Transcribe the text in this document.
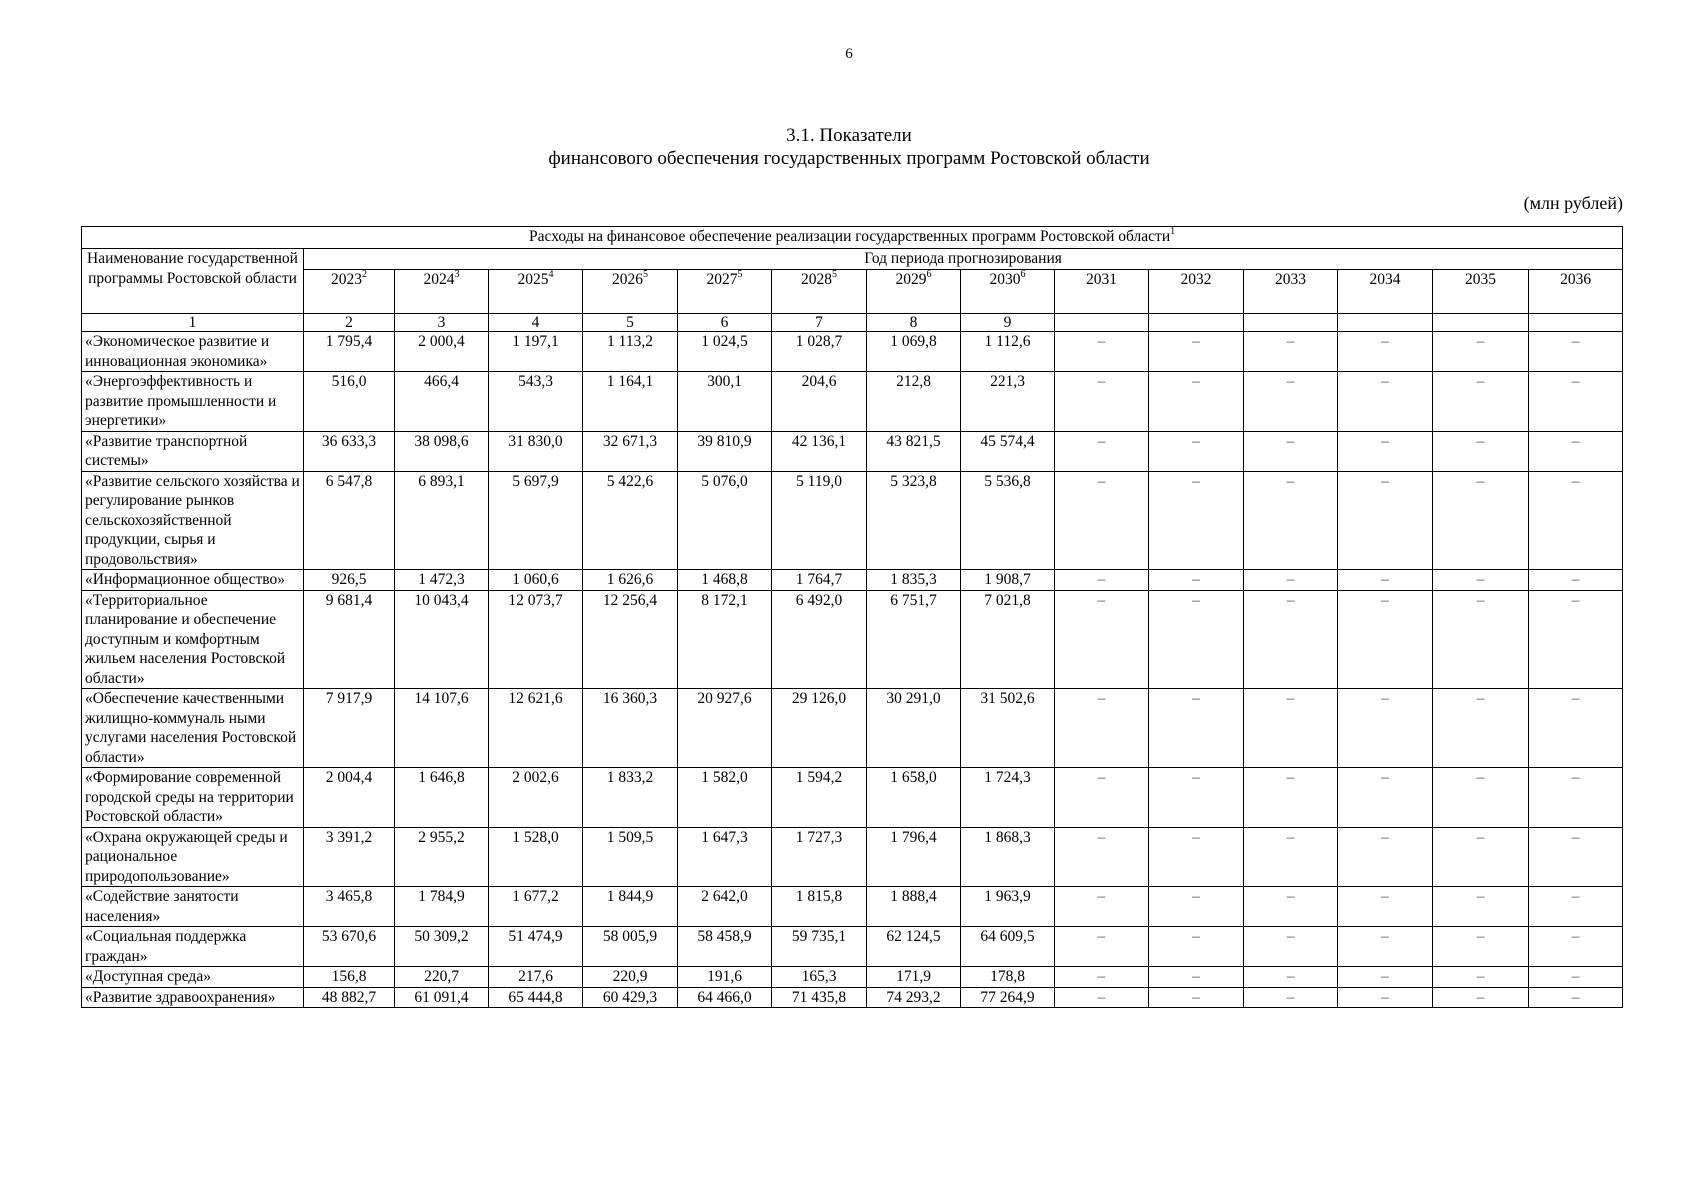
6
3.1. Показатели
финансового обеспечения государственных программ Ростовской области
(млн рублей)
Расходы на финансовое обеспечение реализации государственных программ Ростовской области$^1$
Наименование государственной программы Ростовской области	Год периода прогнозирования													
	2023$^2$	2024$^3$	2025$^4$	2026$^5$	2027$^5$	2028$^5$	2029$^6$	2030$^6$	2031	2032	2033	2034	2035	2036
1	2	3	4	5	6	7	8	9						
«Экономическое развитие и инновационная экономика»	1 795,4	2 000,4	1 197,1	1 113,2	1 024,5	1 028,7	1 069,8	1 112,6	–	–	–	–	–	–
«Энергоэффективность и развитие промышленности и энергетики»	516,0	466,4	543,3	1 164,1	300,1	204,6	212,8	221,3	–	–	–	–	–	–
«Развитие транспортной системы»	36 633,3	38 098,6	31 830,0	32 671,3	39 810,9	42 136,1	43 821,5	45 574,4	–	–	–	–	–	–
«Развитие сельского хозяйства и регулирование рынков сельскохозяйственной продукции, сырья и продовольствия»	6 547,8	6 893,1	5 697,9	5 422,6	5 076,0	5 119,0	5 323,8	5 536,8	–	–	–	–	–	–
«Информационное общество»	926,5	1 472,3	1 060,6	1 626,6	1 468,8	1 764,7	1 835,3	1 908,7	–	–	–	–	–	–
«Территориальное планирование и обеспечение доступным и комфортным жильем населения Ростовской области»	9 681,4	10 043,4	12 073,7	12 256,4	8 172,1	6 492,0	6 751,7	7 021,8	–	–	–	–	–	–
«Обеспечение качественными жилищно-коммуналь ными услугами населения Ростовской области»	7 917,9	14 107,6	12 621,6	16 360,3	20 927,6	29 126,0	30 291,0	31 502,6	–	–	–	–	–	–
«Формирование современной городской среды на территории Ростовской области»	2 004,4	1 646,8	2 002,6	1 833,2	1 582,0	1 594,2	1 658,0	1 724,3	–	–	–	–	–	–
«Охрана окружающей среды и рациональное природопользование»	3 391,2	2 955,2	1 528,0	1 509,5	1 647,3	1 727,3	1 796,4	1 868,3	–	–	–	–	–	–
«Содействие занятости населения»	3 465,8	1 784,9	1 677,2	1 844,9	2 642,0	1 815,8	1 888,4	1 963,9	–	–	–	–	–	–
«Социальная поддержка граждан»	53 670,6	50 309,2	51 474,9	58 005,9	58 458,9	59 735,1	62 124,5	64 609,5	–	–	–	–	–	–
«Доступная среда»	156,8	220,7	217,6	220,9	191,6	165,3	171,9	178,8	–	–	–	–	–	–
«Развитие здравоохранения»	48 882,7	61 091,4	65 444,8	60 429,3	64 466,0	71 435,8	74 293,2	77 264,9	–	–	–	–	–	–
